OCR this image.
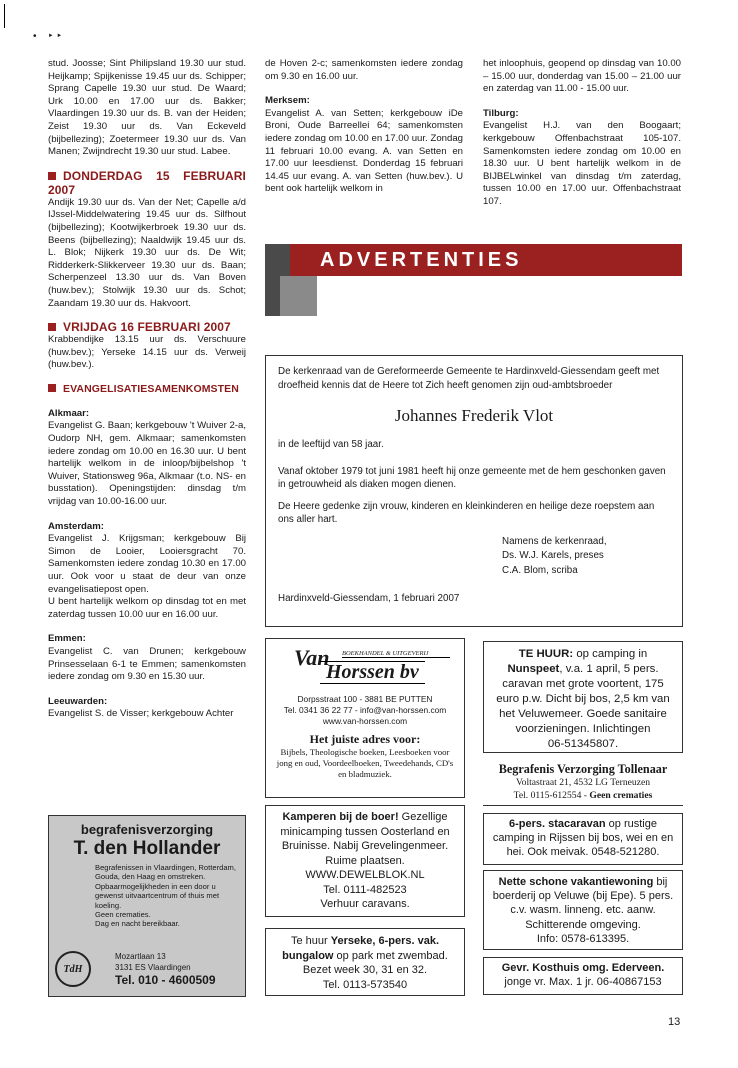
•    ‣ ‣

stud. Joosse; Sint Philipsland 19.30 uur stud. Heijkamp; Spijkenisse 19.45 uur ds. Schipper; Sprang Capelle 19.30 uur stud. De Waard; Urk 10.00 en 17.00 uur ds. Bakker; Vlaardingen 19.30 uur ds. B. van der Heiden; Zeist 19.30 uur ds. Van Eckeveld (bijbellezing); Zoetermeer 19.30 uur ds. Van Manen; Zwijndrecht 19.30 uur stud. Labee.

DONDERDAG 15 FEBRUARI 2007

Andijk 19.30 uur ds. Van der Net; Capelle a/d IJssel-Middelwatering 19.45 uur ds. Silfhout (bijbellezing); Kootwijkerbroek 19.30 uur ds. Beens (bijbellezing); Naaldwijk 19.45 uur ds. L. Blok; Nijkerk 19.30 uur ds. De Wit; Ridderkerk-Slikkerveer 19.30 uur ds. Baan; Scherpenzeel 13.30 uur ds. Van Boven (huw.bev.); Stolwijk 19.30 uur ds. Schot; Zaandam 19.30 uur ds. Hakvoort.

VRIJDAG 16 FEBRUARI 2007

Krabbendijke 13.15 uur ds. Verschuure (huw.bev.); Yerseke 14.15 uur ds. Verweij (huw.bev.).

EVANGELISATIESAMENKOMSTEN
Alkmaar:

Evangelist G. Baan; kerkgebouw 't Wuiver 2-a, Oudorp NH, gem. Alkmaar; samenkomsten iedere zondag om 10.00 en 16.30 uur. U bent hartelijk welkom in de inloop/bijbelshop 't Wuiver, Stationsweg 96a, Alkmaar (t.o. NS- en busstation). Openingstijden: dinsdag t/m vrijdag van 10.00-16.00 uur.

Amsterdam:

Evangelist J. Krijgsman; kerkgebouw Bij Simon de Looier, Looiersgracht 70. Samenkomsten iedere zondag 10.30 en 17.00 uur. Ook voor u staat de deur van onze evangelisatiepost open.

U bent hartelijk welkom op dinsdag tot en met zaterdag tussen 10.00 uur en 16.00 uur.

Emmen:

Evangelist C. van Drunen; kerkgebouw Prinsesselaan 6-1 te Emmen; samenkomsten iedere zondag om 9.30 en 15.30 uur.

Leeuwarden:

Evangelist S. de Visser; kerkgebouw Achter

de Hoven 2-c; samenkomsten iedere zondag om 9.30 en 16.00 uur.

Merksem:

Evangelist A. van Setten; kerkgebouw iDe Broni, Oude Barreellei 64; samenkomsten iedere zondag om 10.00 en 17.00 uur. Zondag 11 februari 10.00 evang. A. van Setten en 17.00 uur leesdienst. Donderdag 15 februari 14.45 uur evang. A. van Setten (huw.bev.). U bent ook hartelijk welkom in

het inloophuis, geopend op dinsdag van 10.00 – 15.00 uur, donderdag van 15.00 – 21.00 uur en zaterdag van 11.00 - 15.00 uur.

Tilburg:

Evangelist H.J. van den Boogaart; kerkgebouw Offenbachstraat 105-107. Samenkomsten iedere zondag om 10.00 en 18.30 uur. U bent hartelijk welkom in de BIJBELwinkel van dinsdag t/m zaterdag, tussen 10.00 en 17.00 uur. Offenbachstraat 107.

ADVERTENTIES

De kerkenraad van de Gereformeerde Gemeente te Hardinxveld-Giessendam geeft met droefheid kennis dat de Heere tot Zich heeft genomen zijn oud-ambtsbroeder

Johannes Frederik Vlot

in de leeftijd van 58 jaar.

Vanaf oktober 1979 tot juni 1981 heeft hij onze gemeente met de hem geschonken gaven in getrouwheid als diaken mogen dienen.

De Heere gedenke zijn vrouw, kinderen en kleinkinderen en heilige deze roepstem aan ons aller hart.

Namens de kerkenraad,
Ds. W.J. Karels, preses
C.A. Blom, scriba

Hardinxveld-Giessendam, 1 februari 2007

Van BOEKHANDEL & UITGEVERIJ
Horssen bv
Dorpsstraat 100 - 3881 BE PUTTEN
Tel. 0341 36 22 77 - info@van-horssen.com
www.van-horssen.com
Het juiste adres voor:
Bijbels, Theologische boeken, Leesboeken voor jong en oud, Voordeelboeken, Tweedehands, CD's en bladmuziek.
Kamperen bij de boer! Gezellige minicamping tussen Oosterland en Bruinisse. Nabij Grevelingenmeer. Ruime plaatsen.
WWW.DEWELBLOK.NL
Tel. 0111-482523
Verhuur caravans.
Te huur Yerseke, 6-pers. vak. bungalow op park met zwembad. Bezet week 30, 31 en 32.
Tel. 0113-573540
TE HUUR: op camping in Nunspeet, v.a. 1 april, 5 pers. caravan met grote voortent, 175 euro p.w. Dicht bij bos, 2,5 km van het Veluwemeer. Goede sanitaire voorzieningen. Inlichtingen
06-51345807.
Begrafenis Verzorging Tollenaar
Voltastraat 21, 4532 LG Terneuzen
Tel. 0115-612554 - Geen crematies
6-pers. stacaravan op rustige camping in Rijssen bij bos, wei en en hei. Ook meivak. 0548-521280.
Nette schone vakantiewoning bij boerderij op Veluwe (bij Epe). 5 pers. c.v. wasm. linneng. etc. aanw. Schitterende omgeving.
Info: 0578-613395.
Gevr. Kosthuis omg. Ederveen.
jonge vr. Max. 1 jr. 06-40867153
begrafenisverzorging
T. den Hollander
Begrafenissen in Vlaardingen, Rotterdam, Gouda, den Haag en omstreken.
Opbaarmogelijkheden in een door u gewenst uitvaartcentrum of thuis met koeling.
Geen crematies.
Dag en nacht bereikbaar.
TdH
Mozartlaan 13
3131 ES Vlaardingen
Tel. 010 - 4600509
13
